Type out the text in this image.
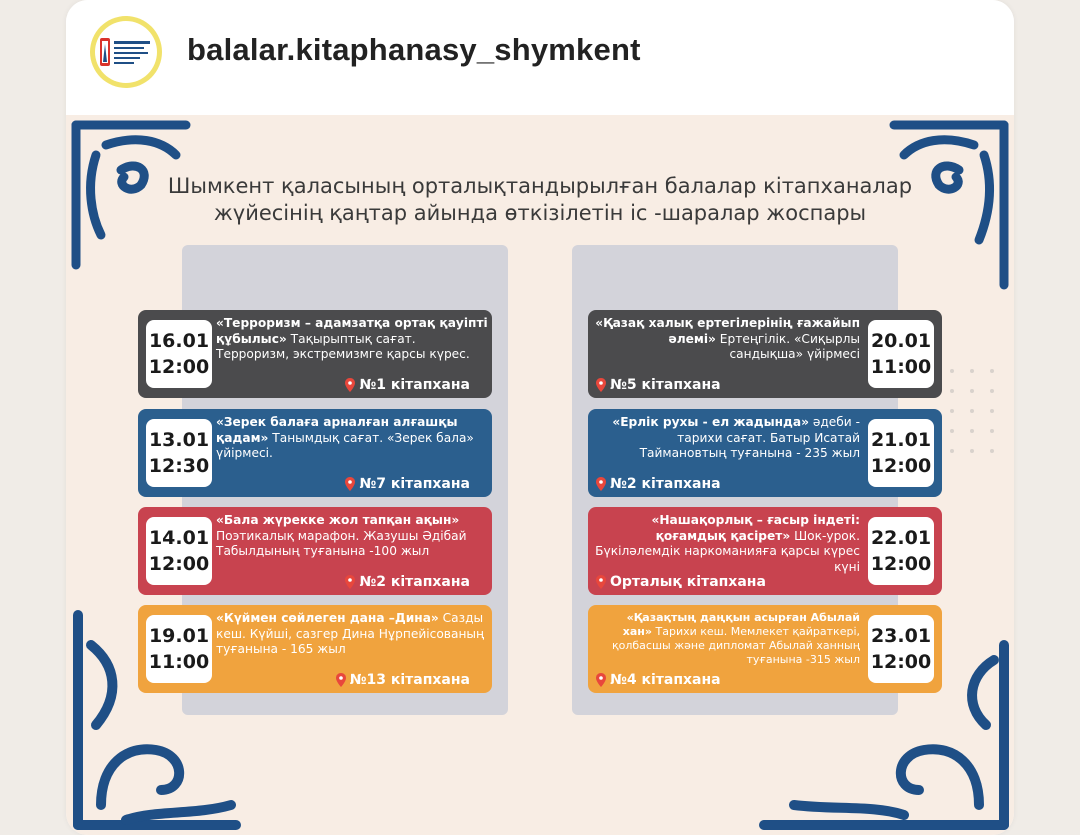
balalar.kitaphanasy_shymkent
Шымкент қаласының орталықтандырылған балалар кітапханалар
жүйесінің қаңтар айында өткізілетін іс -шаралар жоспары
16.01
12:00
«Терроризм – адамзатқа ортақ қауіпті құбылыс» Тақырыптық сағат. Терроризм, экстремизмге қарсы күрес.
№1 кітапхана
13.01
12:30
«Зерек балаға арналған алғашқы қадам» Танымдық сағат. «Зерек бала» үйірмесі.
№7 кітапхана
14.01
12:00
«Бала жүрекке жол тапқан ақын» Поэтикалық марафон. Жазушы Әдібай Табылдының туғанына -100 жыл
№2 кітапхана
19.01
11:00
«Күймен сөйлеген дана –Дина» Сазды кеш. Күйші, сазгер Дина Нұрпейісованың туғанына - 165 жыл
№13 кітапхана
20.01
11:00
«Қазақ халық ертегілерінің ғажайып әлемі» Ертеңгілік. «Сиқырлы сандықша» үйірмесі
№5 кітапхана
21.01
12:00
«Ерлік рухы - ел жадында» әдеби - тарихи сағат. Батыр Исатай Таймановтың туғанына - 235 жыл
№2 кітапхана
22.01
12:00
«Нашақорлық – ғасыр індеті: қоғамдық қасірет» Шок-урок. Бүкіләлемдік наркоманияға қарсы күрес күні
Орталық кітапхана
23.01
12:00
«Қазақтың даңқын асырған Абылай хан» Тарихи кеш. Мемлекет қайраткері, қолбасшы және дипломат Абылай ханның туғанына -315 жыл
№4 кітапхана
